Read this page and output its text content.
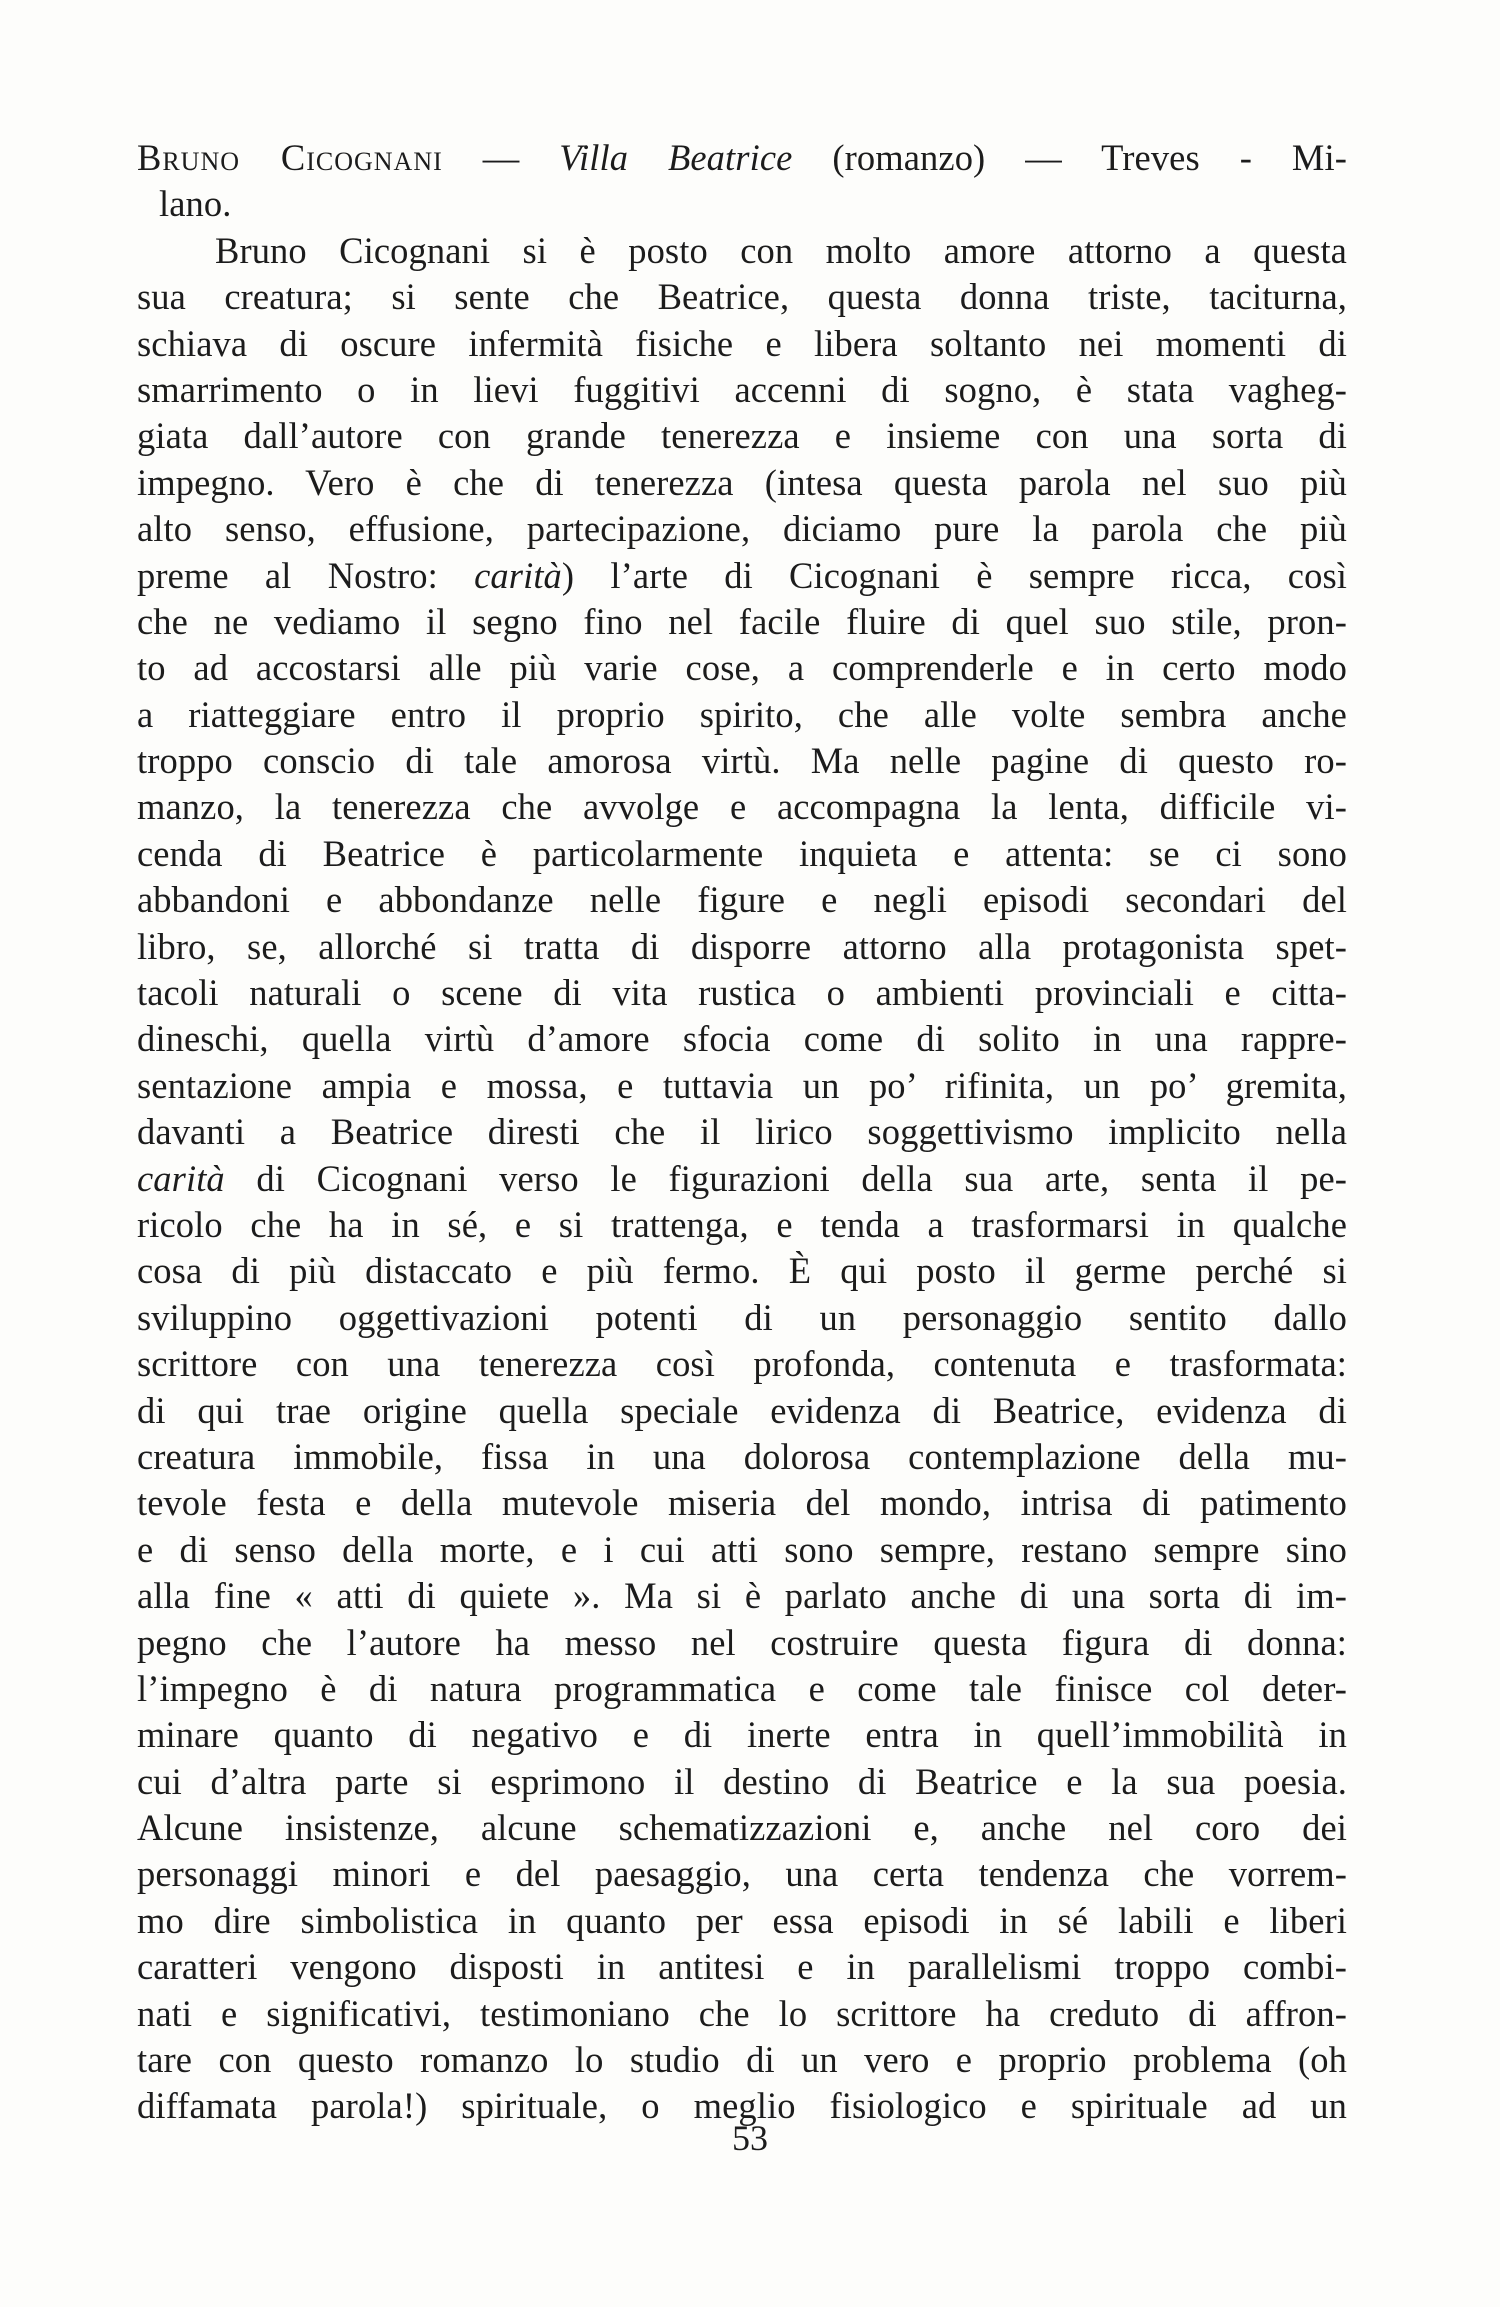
Bruno Cicognani — Villa Beatrice (romanzo) — Treves - Mi-
lano.
Bruno Cicognani si è posto con molto amore attorno a questa
sua creatura; si sente che Beatrice, questa donna triste, taciturna,
schiava di oscure infermità fisiche e libera soltanto nei momenti di
smarrimento o in lievi fuggitivi accenni di sogno, è stata vagheg-
giata dall’autore con grande tenerezza e insieme con una sorta di
impegno. Vero è che di tenerezza (intesa questa parola nel suo più
alto senso, effusione, partecipazione, diciamo pure la parola che più
preme al Nostro: carità) l’arte di Cicognani è sempre ricca, così
che ne vediamo il segno fino nel facile fluire di quel suo stile, pron-
to ad accostarsi alle più varie cose, a comprenderle e in certo modo
a riatteggiare entro il proprio spirito, che alle volte sembra anche
troppo conscio di tale amorosa virtù. Ma nelle pagine di questo ro-
manzo, la tenerezza che avvolge e accompagna la lenta, difficile vi-
cenda di Beatrice è particolarmente inquieta e attenta: se ci sono
abbandoni e abbondanze nelle figure e negli episodi secondari del
libro, se, allorché si tratta di disporre attorno alla protagonista spet-
tacoli naturali o scene di vita rustica o ambienti provinciali e citta-
dineschi, quella virtù d’amore sfocia come di solito in una rappre-
sentazione ampia e mossa, e tuttavia un po’ rifinita, un po’ gremita,
davanti a Beatrice diresti che il lirico soggettivismo implicito nella
carità di Cicognani verso le figurazioni della sua arte, senta il pe-
ricolo che ha in sé, e si trattenga, e tenda a trasformarsi in qualche
cosa di più distaccato e più fermo. È qui posto il germe perché si
sviluppino oggettivazioni potenti di un personaggio sentito dallo
scrittore con una tenerezza così profonda, contenuta e trasformata:
di qui trae origine quella speciale evidenza di Beatrice, evidenza di
creatura immobile, fissa in una dolorosa contemplazione della mu-
tevole festa e della mutevole miseria del mondo, intrisa di patimento
e di senso della morte, e i cui atti sono sempre, restano sempre sino
alla fine « atti di quiete ». Ma si è parlato anche di una sorta di im-
pegno che l’autore ha messo nel costruire questa figura di donna:
l’impegno è di natura programmatica e come tale finisce col deter-
minare quanto di negativo e di inerte entra in quell’immobilità in
cui d’altra parte si esprimono il destino di Beatrice e la sua poesia.
Alcune insistenze, alcune schematizzazioni e, anche nel coro dei
personaggi minori e del paesaggio, una certa tendenza che vorrem-
mo dire simbolistica in quanto per essa episodi in sé labili e liberi
caratteri vengono disposti in antitesi e in parallelismi troppo combi-
nati e significativi, testimoniano che lo scrittore ha creduto di affron-
tare con questo romanzo lo studio di un vero e proprio problema (oh
diffamata parola!) spirituale, o meglio fisiologico e spirituale ad un
53
